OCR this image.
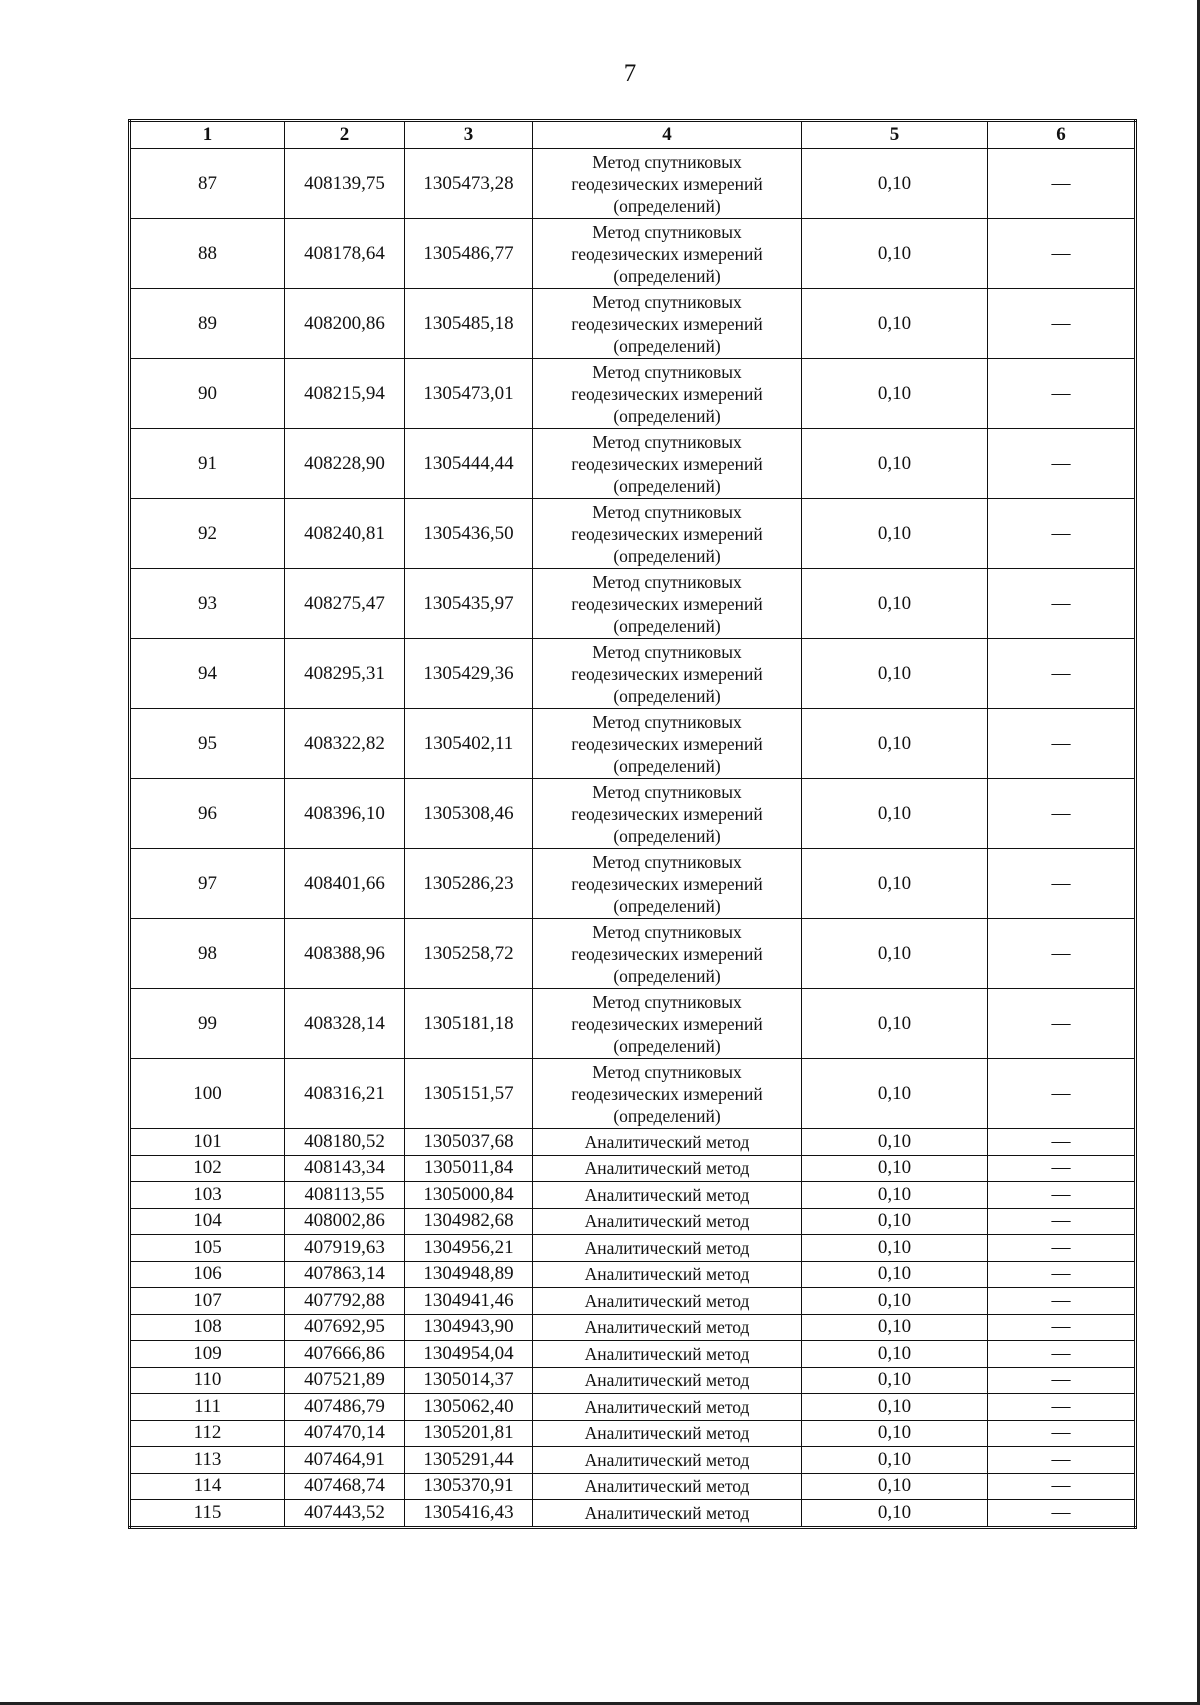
7
1	2	3	4	5	6
87	408139,75	1305473,28	Метод спутниковых
геодезических измерений
(определений)	0,10	—
88	408178,64	1305486,77	Метод спутниковых
геодезических измерений
(определений)	0,10	—
89	408200,86	1305485,18	Метод спутниковых
геодезических измерений
(определений)	0,10	—
90	408215,94	1305473,01	Метод спутниковых
геодезических измерений
(определений)	0,10	—
91	408228,90	1305444,44	Метод спутниковых
геодезических измерений
(определений)	0,10	—
92	408240,81	1305436,50	Метод спутниковых
геодезических измерений
(определений)	0,10	—
93	408275,47	1305435,97	Метод спутниковых
геодезических измерений
(определений)	0,10	—
94	408295,31	1305429,36	Метод спутниковых
геодезических измерений
(определений)	0,10	—
95	408322,82	1305402,11	Метод спутниковых
геодезических измерений
(определений)	0,10	—
96	408396,10	1305308,46	Метод спутниковых
геодезических измерений
(определений)	0,10	—
97	408401,66	1305286,23	Метод спутниковых
геодезических измерений
(определений)	0,10	—
98	408388,96	1305258,72	Метод спутниковых
геодезических измерений
(определений)	0,10	—
99	408328,14	1305181,18	Метод спутниковых
геодезических измерений
(определений)	0,10	—
100	408316,21	1305151,57	Метод спутниковых
геодезических измерений
(определений)	0,10	—
101	408180,52	1305037,68	Аналитический метод	0,10	—
102	408143,34	1305011,84	Аналитический метод	0,10	—
103	408113,55	1305000,84	Аналитический метод	0,10	—
104	408002,86	1304982,68	Аналитический метод	0,10	—
105	407919,63	1304956,21	Аналитический метод	0,10	—
106	407863,14	1304948,89	Аналитический метод	0,10	—
107	407792,88	1304941,46	Аналитический метод	0,10	—
108	407692,95	1304943,90	Аналитический метод	0,10	—
109	407666,86	1304954,04	Аналитический метод	0,10	—
110	407521,89	1305014,37	Аналитический метод	0,10	—
111	407486,79	1305062,40	Аналитический метод	0,10	—
112	407470,14	1305201,81	Аналитический метод	0,10	—
113	407464,91	1305291,44	Аналитический метод	0,10	—
114	407468,74	1305370,91	Аналитический метод	0,10	—
115	407443,52	1305416,43	Аналитический метод	0,10	—
